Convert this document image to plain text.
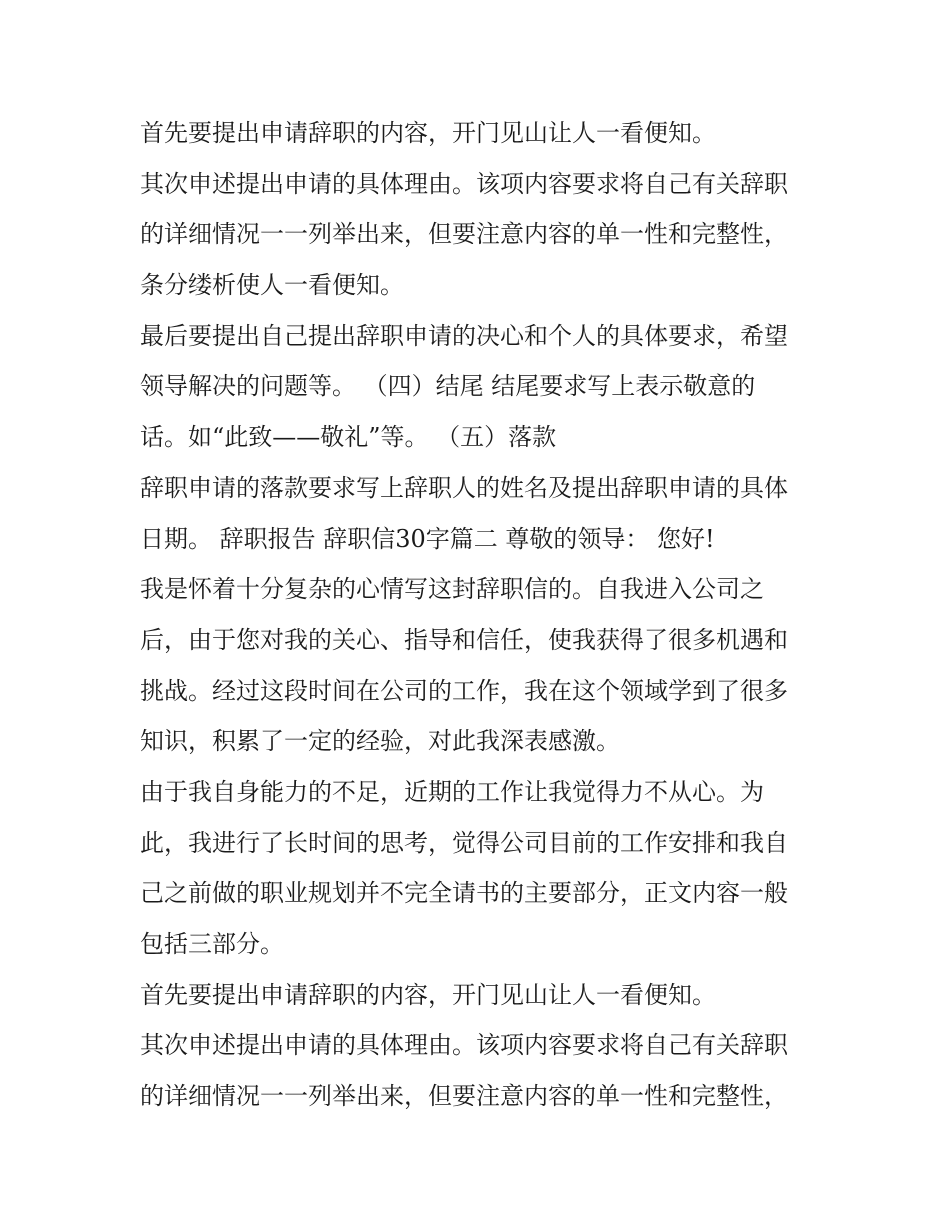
首先要提出申请辞职的内容，开门见山让人一看便知。
其次申述提出申请的具体理由。该项内容要求将自己有关辞职
的详细情况一一列举出来，但要注意内容的单一性和完整性，
条分缕析使人一看便知。
最后要提出自己提出辞职申请的决心和个人的具体要求，希望
领导解决的问题等。 （四）结尾 结尾要求写上表示敬意的
话。如“此致——敬礼”等。 （五）落款
辞职申请的落款要求写上辞职人的姓名及提出辞职申请的具体
日期。 辞职报告 辞职信30字篇二 尊敬的领导： 您好!
我是怀着十分复杂的心情写这封辞职信的。自我进入公司之
后，由于您对我的关心、指导和信任，使我获得了很多机遇和
挑战。经过这段时间在公司的工作，我在这个领域学到了很多
知识，积累了一定的经验，对此我深表感激。
由于我自身能力的不足，近期的工作让我觉得力不从心。为
此，我进行了长时间的思考，觉得公司目前的工作安排和我自
己之前做的职业规划并不完全请书的主要部分，正文内容一般
包括三部分。
首先要提出申请辞职的内容，开门见山让人一看便知。
其次申述提出申请的具体理由。该项内容要求将自己有关辞职
的详细情况一一列举出来，但要注意内容的单一性和完整性，
